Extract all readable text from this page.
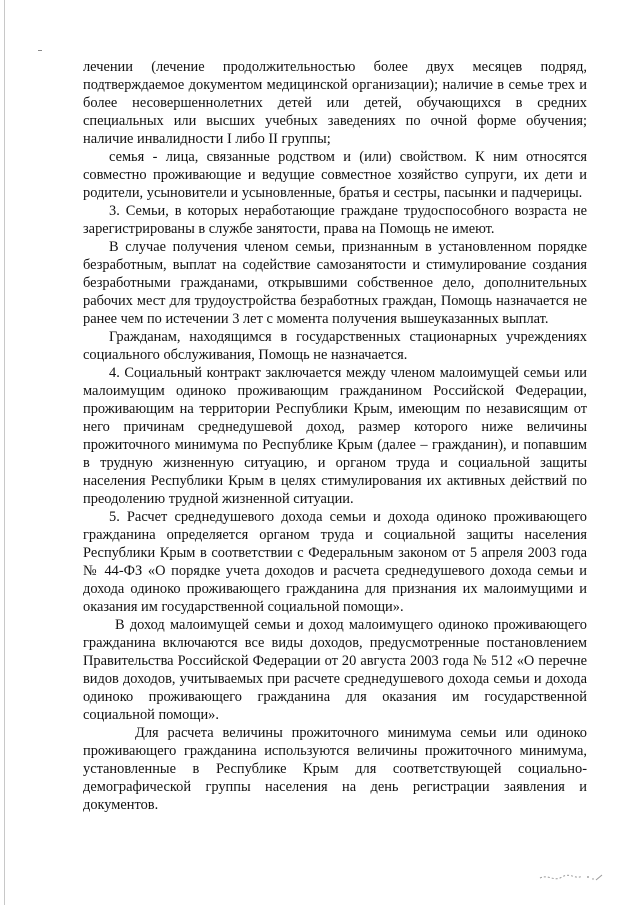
лечении (лечение продолжительностью более двух месяцев подряд, подтверждаемое документом медицинской организации); наличие в семье трех и более несовершеннолетних детей или детей, обучающихся в средних специальных или высших учебных заведениях по очной форме обучения; наличие инвалидности I либо II группы;

семья - лица, связанные родством и (или) свойством. К ним относятся совместно проживающие и ведущие совместное хозяйство супруги, их дети и родители, усыновители и усыновленные, братья и сестры, пасынки и падчерицы.

3. Семьи, в которых неработающие граждане трудоспособного возраста не зарегистрированы в службе занятости, права на Помощь не имеют.

В случае получения членом семьи, признанным в установленном порядке безработным, выплат на содействие самозанятости и стимулирование создания безработными гражданами, открывшими собственное дело, дополнительных рабочих мест для трудоустройства безработных граждан, Помощь назначается не ранее чем по истечении 3 лет с момента получения вышеуказанных выплат.

Гражданам, находящимся в государственных стационарных учреждениях социального обслуживания, Помощь не назначается.

4. Социальный контракт заключается между членом малоимущей семьи или малоимущим одиноко проживающим гражданином Российской Федерации, проживающим на территории Республики Крым, имеющим по независящим от него причинам среднедушевой доход, размер которого ниже величины прожиточного минимума по Республике Крым (далее – гражданин), и попавшим в трудную жизненную ситуацию, и органом труда и социальной защиты населения Республики Крым в целях стимулирования их активных действий по преодолению трудной жизненной ситуации.

5. Расчет среднедушевого дохода семьи и дохода одиноко проживающего гражданина определяется органом труда и социальной защиты населения Республики Крым в соответствии с Федеральным законом от 5 апреля 2003 года № 44-ФЗ «О порядке учета доходов и расчета среднедушевого дохода семьи и дохода одиноко проживающего гражданина для признания их малоимущими и оказания им государственной социальной помощи».

В доход малоимущей семьи и доход малоимущего одиноко проживающего гражданина включаются все виды доходов, предусмотренные постановлением Правительства Российской Федерации от 20 августа 2003 года № 512 «О перечне видов доходов, учитываемых при расчете среднедушевого дохода семьи и дохода одиноко проживающего гражданина для оказания им государственной социальной помощи».

Для расчета величины прожиточного минимума семьи или одиноко проживающего гражданина используются величины прожиточного минимума, установленные в Республике Крым для соответствующей социально-демографической группы населения на день регистрации заявления и документов.
